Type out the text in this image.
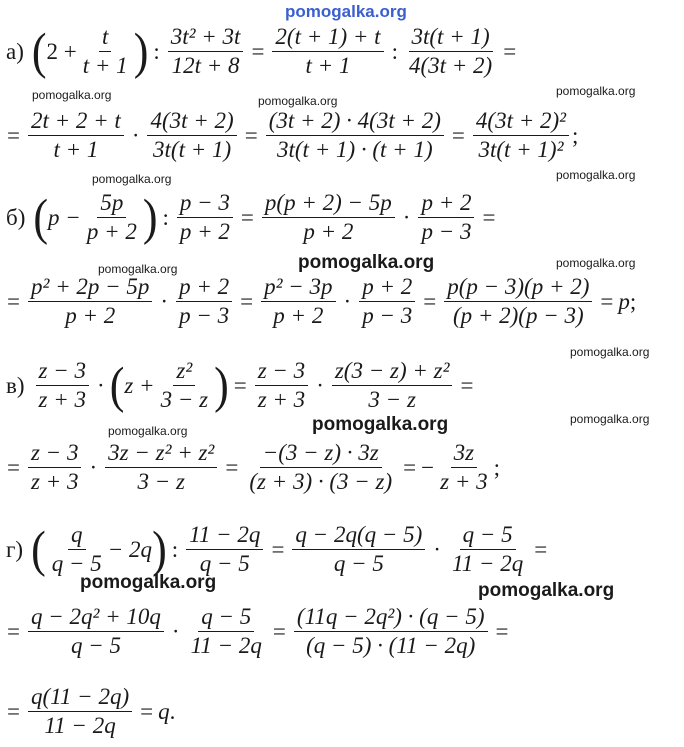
pomogalka.org
а) ( $2 + \frac{t}{t + 1}$ ) : $\frac{\text{3t² + 3t}}{12t + 8} = \frac{2(t + 1) + t}{t + 1}$ : $\frac{3t(t + 1)}{4(3t + 2)}$ =
= $\frac{2t + 2 + t}{t + 1} \cdot \frac{4(3t + 2)}{3t(t + 1)} = \frac{(3t + 2) \cdot 4(3t + 2)}{3t(t + 1) \cdot (t + 1)} = \frac{\text{4(3t + 2)²}}{\text{3t(t + 1)²}}$ ;
б) ( $p - \frac{5p}{p + 2}$ ) : $\frac{p - 3}{p + 2} = \frac{p(p + 2) - 5p}{p + 2} \cdot \frac{p + 2}{p - 3}$ =
= $\frac{\text{p² + 2p − 5p}}{p + 2} \cdot \frac{p + 2}{p - 3} = \frac{\text{p² − 3p}}{p + 2} \cdot \frac{p + 2}{p - 3} = \frac{p(p - 3)(p + 2)}{(p + 2)(p - 3)} = p$ ;
$в) \frac{z - 3}{z + 3}$ · ( $z + \frac{\text{z²}}{3 - z}$ ) = $\frac{z - 3}{z + 3} \cdot \frac{\text{z(3 − z) + z²}}{3 - z}$ =
= $\frac{z - 3}{z + 3} \cdot \frac{\text{3z − z² + z²}}{3 - z} = \frac{-(3 - z) \cdot 3z}{(z + 3) \cdot (3 - z)}$ = − $\frac{3z}{z + 3}$ ;
г) ( $\frac{q}{q - 5} - 2q$ ) : $\frac{11 - 2q}{q - 5} = \frac{q - 2q(q - 5)}{q - 5} \cdot \frac{q - 5}{11 - 2q}$ =
= $\frac{\text{q − 2q² + 10q}}{q - 5} \cdot \frac{q - 5}{11 - 2q} = \frac{\text{(11q − 2q²) · (q − 5)}}{(q - 5) \cdot (11 - 2q)}$ =
= $\frac{q(11 - 2q)}{11 - 2q} = q$ .
pomogalka.org	pomogalka.org
pomogalka.org
pomogalka.org	pomogalka.org
pomogalka.org	pomogalka.org	pomogalka.org
pomogalka.org
pomogalka.org	pomogalka.org	pomogalka.org
pomogalka.org	pomogalka.org
